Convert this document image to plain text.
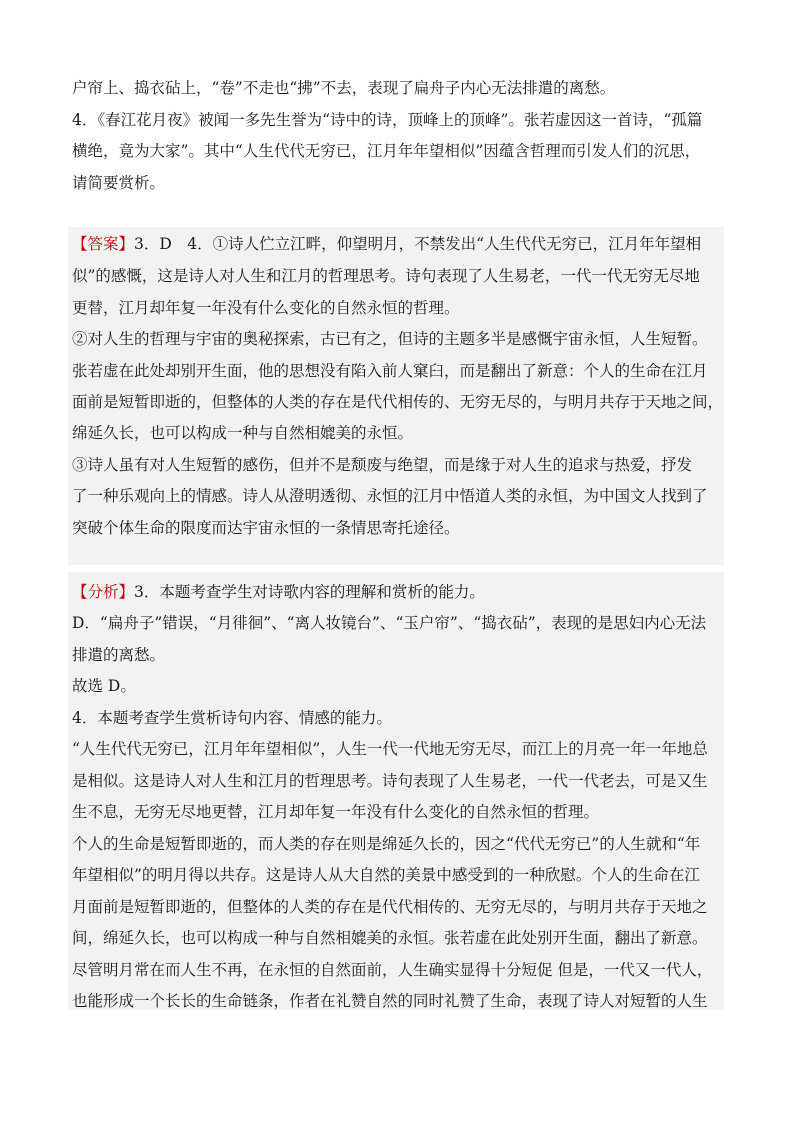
户帘上、捣衣砧上，“卷”不走也“拂”不去，表现了扁舟子内心无法排遣的离愁。
4．《春江花月夜》被闻一多先生誉为“诗中的诗，顶峰上的顶峰”。张若虚因这一首诗，“孤篇
横绝，竟为大家”。其中“人生代代无穷已，江月年年望相似”因蕴含哲理而引发人们的沉思，
请简要赏析。
【答案】3．D　4．①诗人伫立江畔，仰望明月，不禁发出“人生代代无穷已，江月年年望相
似”的感慨，这是诗人对人生和江月的哲理思考。诗句表现了人生易老，一代一代无穷无尽地
更替，江月却年复一年没有什么变化的自然永恒的哲理。
②对人生的哲理与宇宙的奥秘探索，古已有之，但诗的主题多半是感慨宇宙永恒，人生短暂。
张若虚在此处却别开生面，他的思想没有陷入前人窠臼，而是翻出了新意：个人的生命在江月
面前是短暂即逝的，但整体的人类的存在是代代相传的、无穷无尽的，与明月共存于天地之间，
绵延久长，也可以构成一种与自然相媲美的永恒。
③诗人虽有对人生短暂的感伤，但并不是颓废与绝望，而是缘于对人生的追求与热爱，抒发
了一种乐观向上的情感。诗人从澄明透彻、永恒的江月中悟道人类的永恒，为中国文人找到了
突破个体生命的限度而达宇宙永恒的一条情思寄托途径。
【分析】3．本题考查学生对诗歌内容的理解和赏析的能力。
D．“扁舟子”错误，“月徘徊”、“离人妆镜台”、“玉户帘”、“捣衣砧”，表现的是思妇内心无法
排遣的离愁。
故选 D。
4．本题考查学生赏析诗句内容、情感的能力。
“人生代代无穷已，江月年年望相似”，人生一代一代地无穷无尽，而江上的月亮一年一年地总
是相似。这是诗人对人生和江月的哲理思考。诗句表现了人生易老，一代一代老去，可是又生
生不息，无穷无尽地更替，江月却年复一年没有什么变化的自然永恒的哲理。
个人的生命是短暂即逝的，而人类的存在则是绵延久长的，因之“代代无穷已”的人生就和“年
年望相似”的明月得以共存。这是诗人从大自然的美景中感受到的一种欣慰。个人的生命在江
月面前是短暂即逝的，但整体的人类的存在是代代相传的、无穷无尽的，与明月共存于天地之
间，绵延久长，也可以构成一种与自然相媲美的永恒。张若虚在此处别开生面，翻出了新意。
尽管明月常在而人生不再，在永恒的自然面前，人生确实显得十分短促 但是，一代又一代人，
也能形成一个长长的生命链条，作者在礼赞自然的同时礼赞了生命，表现了诗人对短暂的人生
